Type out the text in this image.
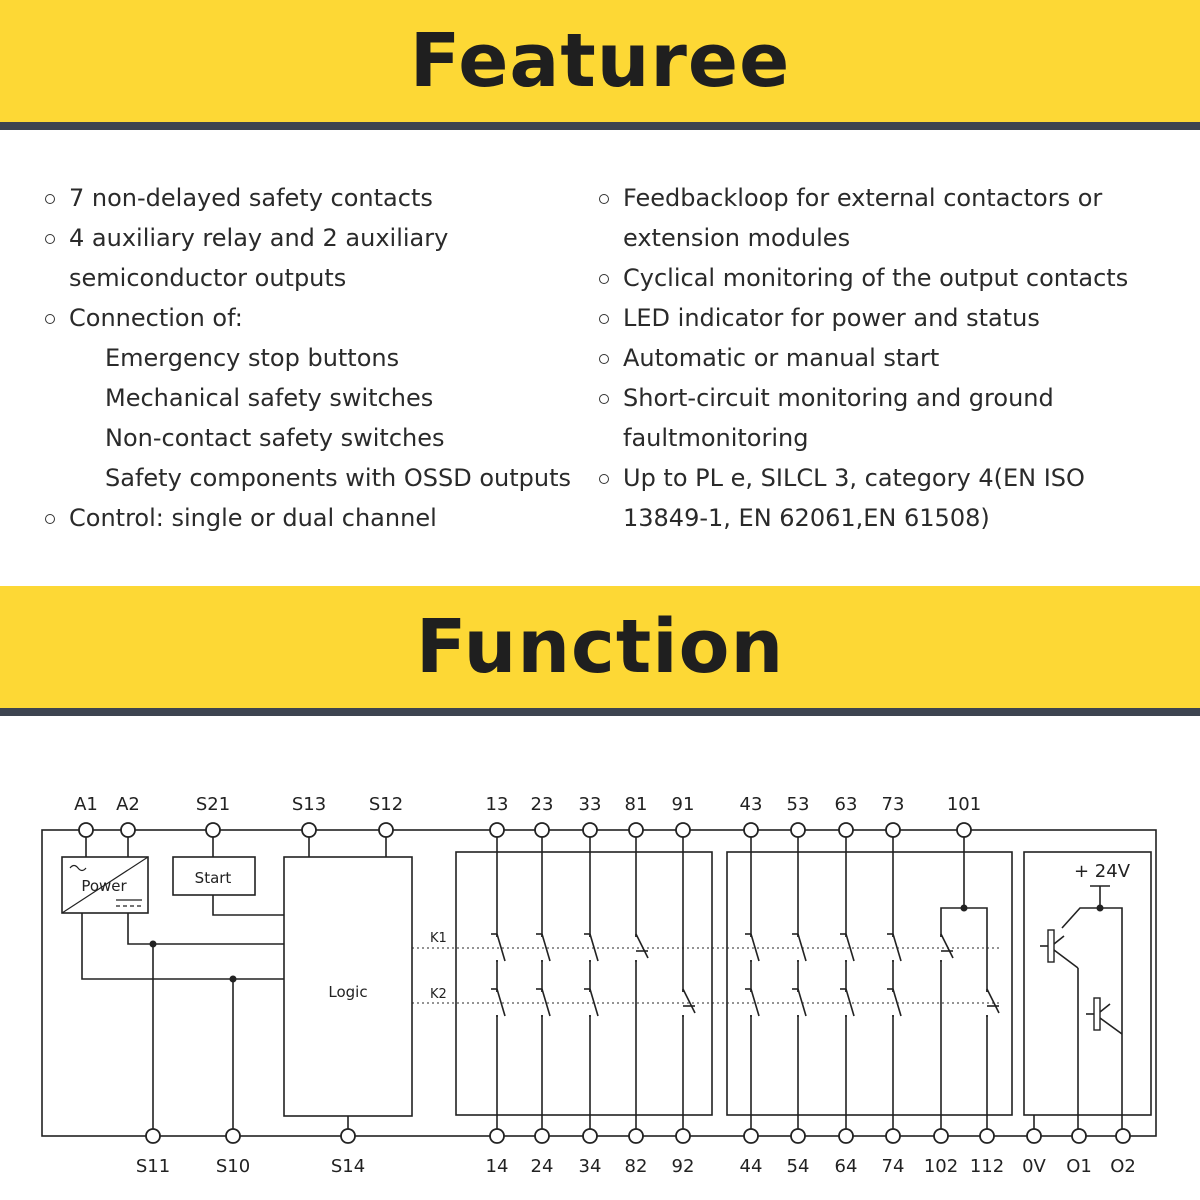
Featuree
7 non-delayed safety contacts
4 auxiliary relay and 2 auxiliary semiconductor outputs
Connection of:
Emergency stop buttons
Mechanical safety switches
Non-contact safety switches
Safety components with OSSD outputs
Control: single or dual channel
Feedbackloop for external contactors or extension modules
Cyclical monitoring of the output contacts
LED indicator for power and status
Automatic or manual start
Short-circuit monitoring and ground faultmonitoring
Up to PL e, SILCL 3, category 4(EN ISO 13849-1, EN 62061,EN 61508)
Function
A1 A2	S21	S13 S12	13 23 33 81 91	43 53 63 73 101
S11	S10	S14	14 24 34 82 92	44 54 64 74 102 112 0V O1 O2
Power	Start
Logic
K1
K2
+ 24V
